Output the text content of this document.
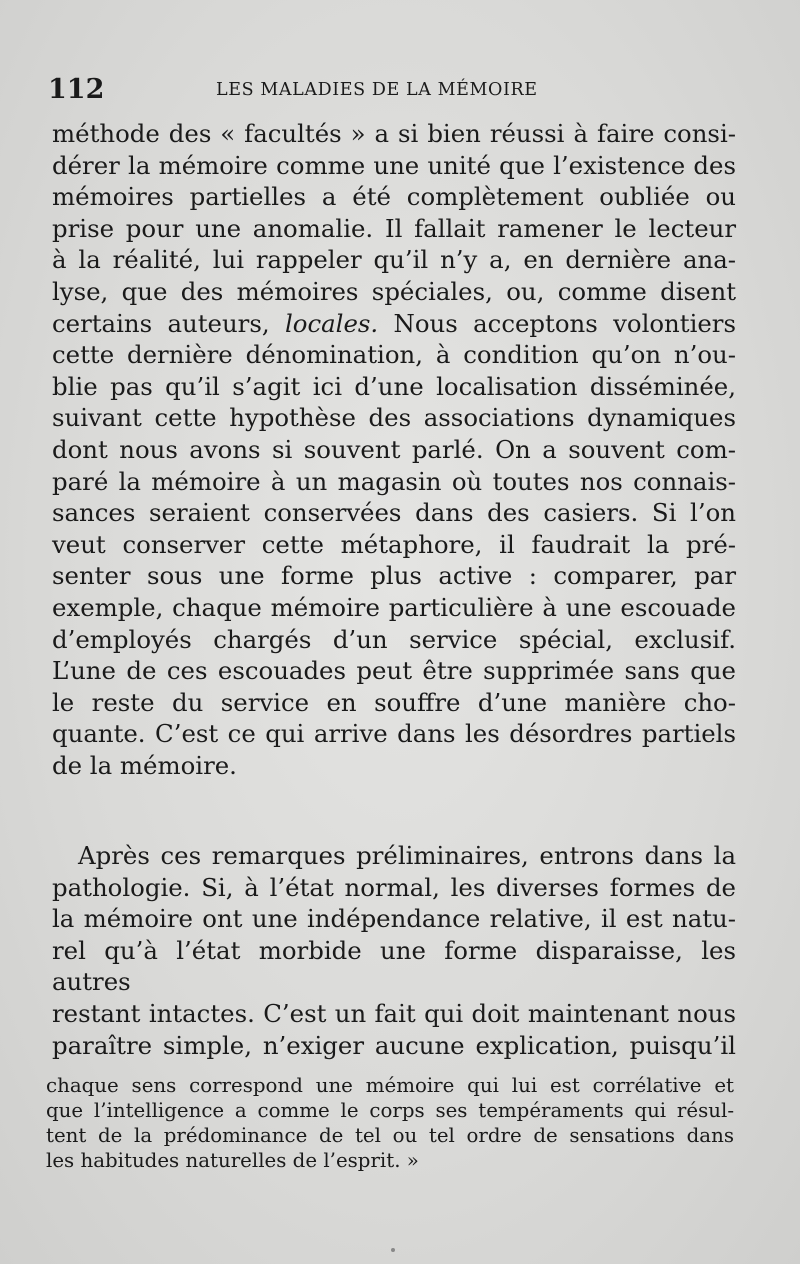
112	LES MALADIES DE LA MÉMOIRE
méthode des « facultés » a si bien réussi à faire consi-
dérer la mémoire comme une unité que l’existence des
mémoires partielles a été complètement oubliée ou
prise pour une anomalie. Il fallait ramener le lecteur
à la réalité, lui rappeler qu’il n’y a, en dernière ana-
lyse, que des mémoires spéciales, ou, comme disent
certains auteurs, locales. Nous acceptons volontiers
cette dernière dénomination, à condition qu’on n’ou-
blie pas qu’il s’agit ici d’une localisation disséminée,
suivant cette hypothèse des associations dynamiques
dont nous avons si souvent parlé. On a souvent com-
paré la mémoire à un magasin où toutes nos connais-
sances seraient conservées dans des casiers. Si l’on
veut conserver cette métaphore, il faudrait la pré-
senter sous une forme plus active : comparer, par
exemple, chaque mémoire particulière à une escouade
d’employés chargés d’un service spécial, exclusif.
L’une de ces escouades peut être supprimée sans que
le reste du service en souffre d’une manière cho-
quante. C’est ce qui arrive dans les désordres partiels
de la mémoire.
Après ces remarques préliminaires, entrons dans la
pathologie. Si, à l’état normal, les diverses formes de
la mémoire ont une indépendance relative, il est natu-
rel qu’à l’état morbide une forme disparaisse, les autres
restant intactes. C’est un fait qui doit maintenant nous
paraître simple, n’exiger aucune explication, puisqu’il
chaque sens correspond une mémoire qui lui est corrélative et
que l’intelligence a comme le corps ses tempéraments qui résul-
tent de la prédominance de tel ou tel ordre de sensations dans
les habitudes naturelles de l’esprit. »
